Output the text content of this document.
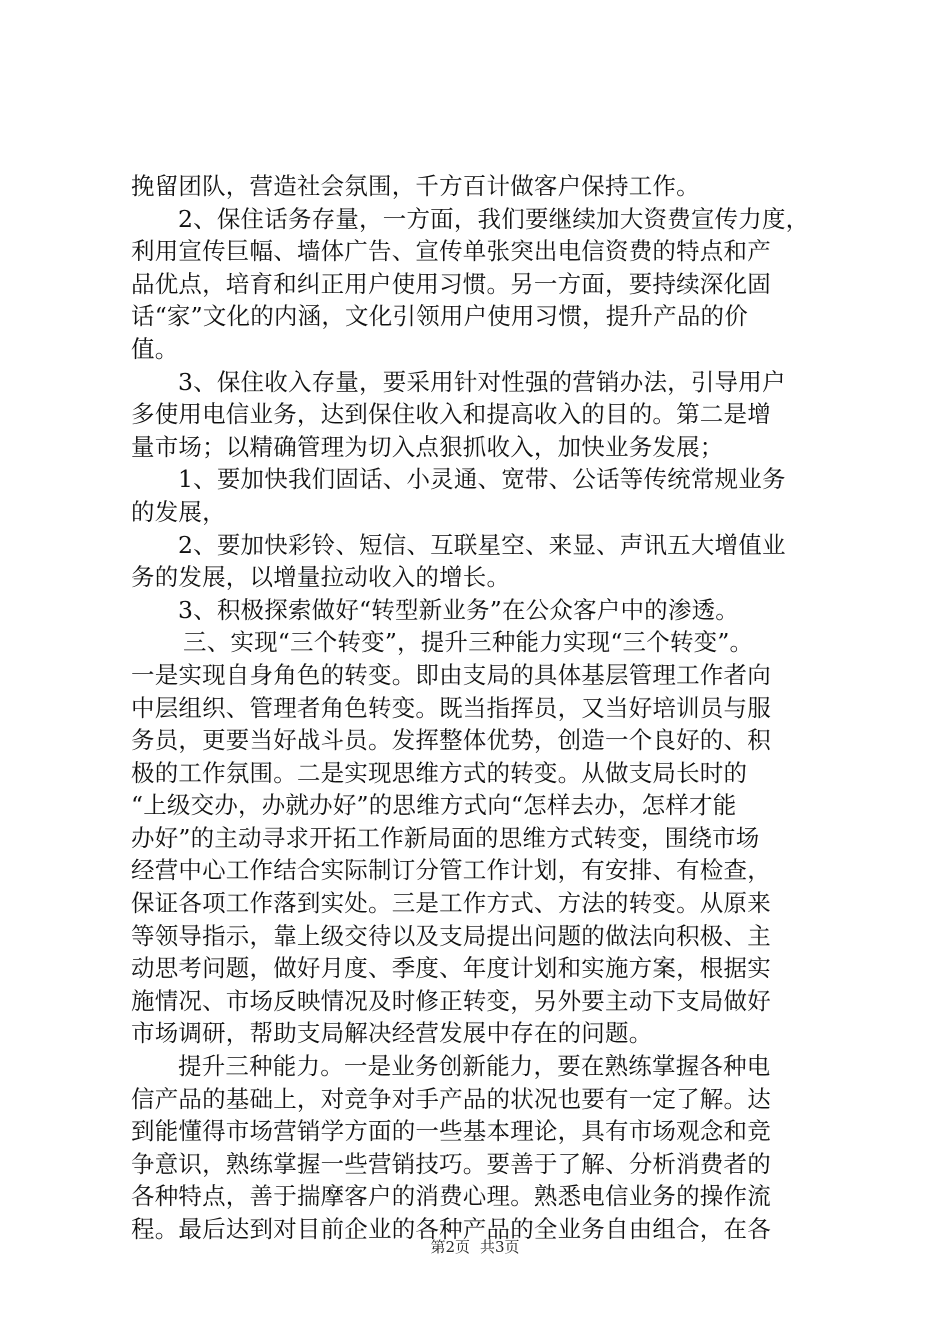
挽留团队，营造社会氛围，千方百计做客户保持工作。
2、保住话务存量，一方面，我们要继续加大资费宣传力度，
利用宣传巨幅、墙体广告、宣传单张突出电信资费的特点和产
品优点，培育和纠正用户使用习惯。另一方面，要持续深化固
话“家”文化的内涵，文化引领用户使用习惯，提升产品的价
值。
3、保住收入存量，要采用针对性强的营销办法，引导用户
多使用电信业务，达到保住收入和提高收入的目的。第二是增
量市场；以精确管理为切入点狠抓收入，加快业务发展；
1、要加快我们固话、小灵通、宽带、公话等传统常规业务
的发展，
2、要加快彩铃、短信、互联星空、来显、声讯五大增值业
务的发展，以增量拉动收入的增长。
3、积极探索做好“转型新业务”在公众客户中的渗透。
三、实现“三个转变”，提升三种能力实现“三个转变”。
一是实现自身角色的转变。即由支局的具体基层管理工作者向
中层组织、管理者角色转变。既当指挥员，又当好培训员与服
务员，更要当好战斗员。发挥整体优势，创造一个良好的、积
极的工作氛围。二是实现思维方式的转变。从做支局长时的
“上级交办，办就办好”的思维方式向“怎样去办，怎样才能
办好”的主动寻求开拓工作新局面的思维方式转变，围绕市场
经营中心工作结合实际制订分管工作计划，有安排、有检查，
保证各项工作落到实处。三是工作方式、方法的转变。从原来
等领导指示，靠上级交待以及支局提出问题的做法向积极、主
动思考问题，做好月度、季度、年度计划和实施方案，根据实
施情况、市场反映情况及时修正转变，另外要主动下支局做好
市场调研，帮助支局解决经营发展中存在的问题。
提升三种能力。一是业务创新能力，要在熟练掌握各种电
信产品的基础上，对竞争对手产品的状况也要有一定了解。达
到能懂得市场营销学方面的一些基本理论，具有市场观念和竞
争意识，熟练掌握一些营销技巧。要善于了解、分析消费者的
各种特点，善于揣摩客户的消费心理。熟悉电信业务的操作流
程。最后达到对目前企业的各种产品的全业务自由组合，在各
第2页 共3页
